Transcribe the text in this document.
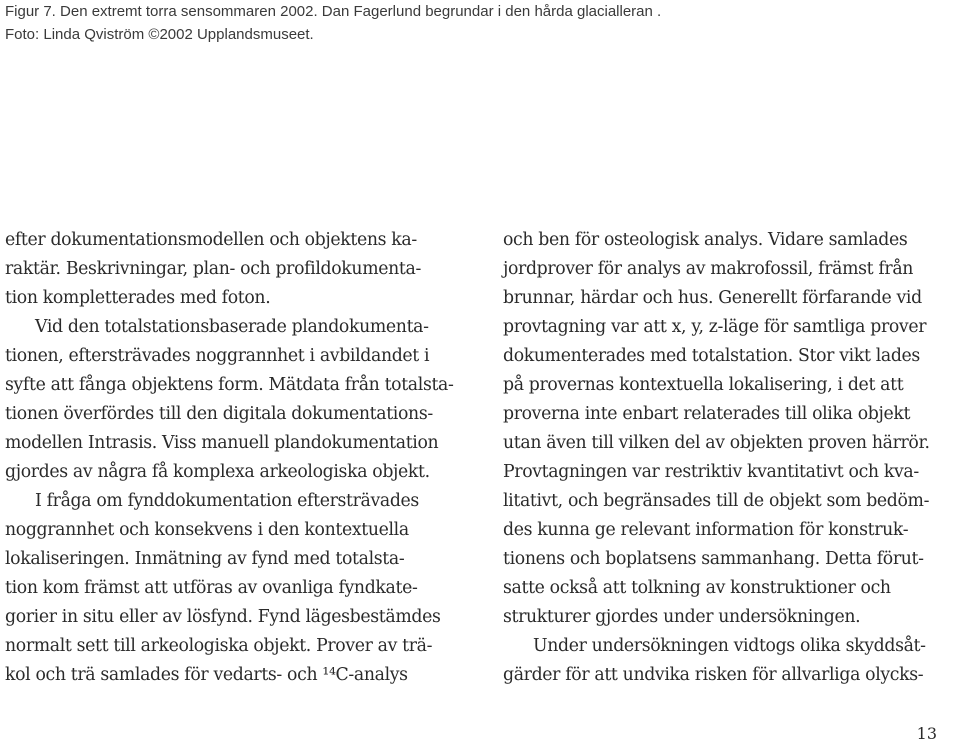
Figur 7. Den extremt torra sensommaren 2002. Dan Fagerlund begrundar i den hårda glacialleran .
Foto: Linda Qviström ©2002 Upplandsmuseet.
efter dokumentationsmodellen och objektens ka-
raktär. Beskrivningar, plan- och profildokumenta-
tion kompletterades med foton.
Vid den totalstationsbaserade plandokumenta-
tionen, eftersträvades noggrannhet i avbildandet i
syfte att fånga objektens form. Mätdata från totalsta-
tionen överfördes till den digitala dokumentations-
modellen Intrasis. Viss manuell plandokumentation
gjordes av några få komplexa arkeologiska objekt.
I fråga om fynddokumentation eftersträvades
noggrannhet och konsekvens i den kontextuella
lokaliseringen. Inmätning av fynd med totalsta-
tion kom främst att utföras av ovanliga fyndkate-
gorier in situ eller av lösfynd. Fynd lägesbestämdes
normalt sett till arkeologiska objekt. Prover av trä-
kol och trä samlades för vedarts- och ¹⁴C-analys
och ben för osteologisk analys. Vidare samlades
jordprover för analys av makrofossil, främst från
brunnar, härdar och hus. Generellt förfarande vid
provtagning var att x, y, z-läge för samtliga prover
dokumenterades med totalstation. Stor vikt lades
på provernas kontextuella lokalisering, i det att
proverna inte enbart relaterades till olika objekt
utan även till vilken del av objekten proven härrör.
Provtagningen var restriktiv kvantitativt och kva-
litativt, och begränsades till de objekt som bedöm-
des kunna ge relevant information för konstruk-
tionens och boplatsens sammanhang. Detta förut-
satte också att tolkning av konstruktioner och
strukturer gjordes under undersökningen.
Under undersökningen vidtogs olika skyddsåt-
gärder för att undvika risken för allvarliga olycks-
13
